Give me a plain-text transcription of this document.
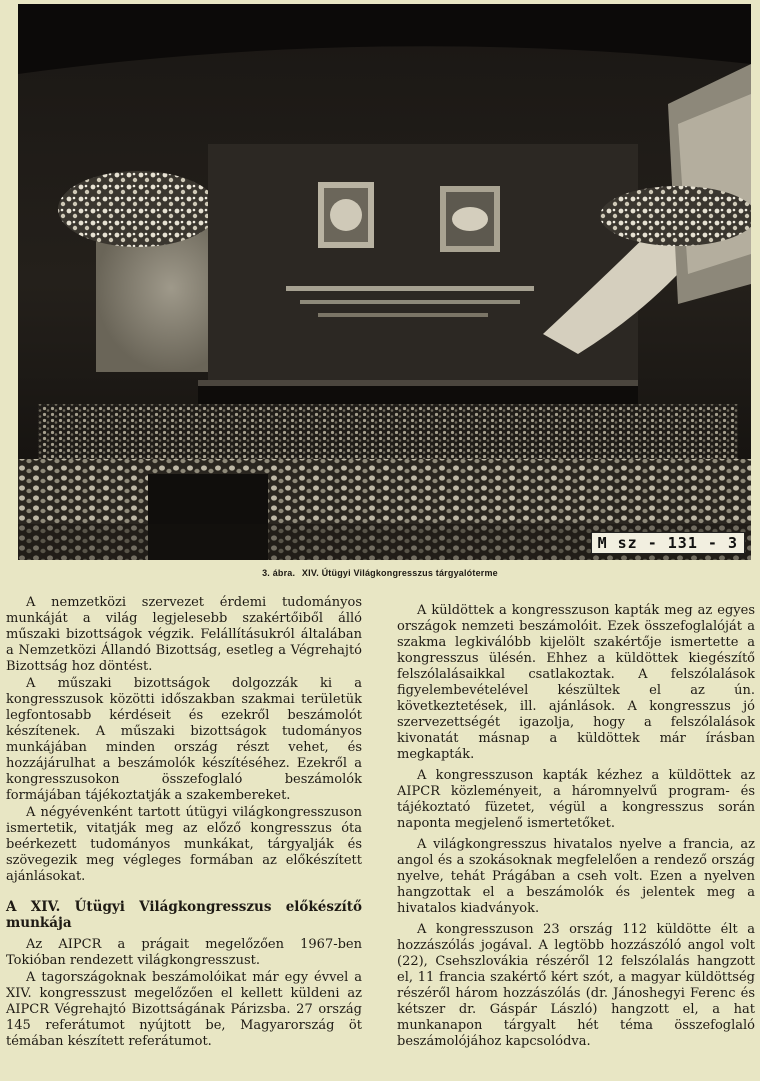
M sz - 131 - 3
3. ábra. XIV. Útügyi Világkongresszus tárgyalóterme

A nemzetközi szervezet érdemi tudományos munkáját a világ legjelesebb szakértőiből álló műszaki bizottságok végzik. Felállításukról általában a Nemzetközi Állandó Bizottság, esetleg a Végrehajtó Bizottság hoz döntést.

A műszaki bizottságok dolgozzák ki a kongresszusok közötti időszakban szakmai területük legfontosabb kérdéseit és ezekről beszámolót készítenek. A műszaki bizottságok tudományos munkájában minden ország részt vehet, és hozzájárulhat a beszámolók készítéséhez. Ezekről a kongresszusokon összefoglaló beszámolók formájában tájékoztatják a szakembereket.

A négyévenként tartott útügyi világkongresszuson ismertetik, vitatják meg az előző kongresszus óta beérkezett tudományos munkákat, tárgyalják és szövegezik meg végleges formában az előkészített ajánlásokat.

A XIV. Útügyi Világkongresszus előkészítő munkája

Az AIPCR a prágait megelőzően 1967-ben Tokióban rendezett világkongresszust.

A tagországoknak beszámolóikat már egy évvel a XIV. kongresszust megelőzően el kellett küldeni az AIPCR Végrehajtó Bizottságának Párizsba. 27 ország 145 referátumot nyújtott be, Magyarország öt témában készített referátumot.

A küldöttek a kongresszuson kapták meg az egyes országok nemzeti beszámolóit. Ezek összefoglalóját a szakma legkiválóbb kijelölt szakértője ismertette a kongresszus ülésén. Ehhez a küldöttek kiegészítő felszólalásaikkal csatlakoztak. A felszólalások figyelembevételével készültek el az ún. következtetések, ill. ajánlások. A kongresszus jó szervezettségét igazolja, hogy a felszólalások kivonatát másnap a küldöttek már írásban megkapták.

A kongresszuson kapták kézhez a küldöttek az AIPCR közleményeit, a háromnyelvű program- és tájékoztató füzetet, végül a kongresszus során naponta megjelenő ismertetőket.

A világkongresszus hivatalos nyelve a francia, az angol és a szokásoknak megfelelően a rendező ország nyelve, tehát Prágában a cseh volt. Ezen a nyelven hangzottak el a beszámolók és jelentek meg a hivatalos kiadványok.

A kongresszuson 23 ország 112 küldötte élt a hozzászólás jogával. A legtöbb hozzászóló angol volt (22), Csehszlovákia részéről 12 felszólalás hangzott el, 11 francia szakértő kért szót, a magyar küldöttség részéről három hozzászólás (dr. Jánoshegyi Ferenc és kétszer dr. Gáspár László) hangzott el, a hat munkanapon tárgyalt hét téma összefoglaló beszámolójához kapcsolódva.
